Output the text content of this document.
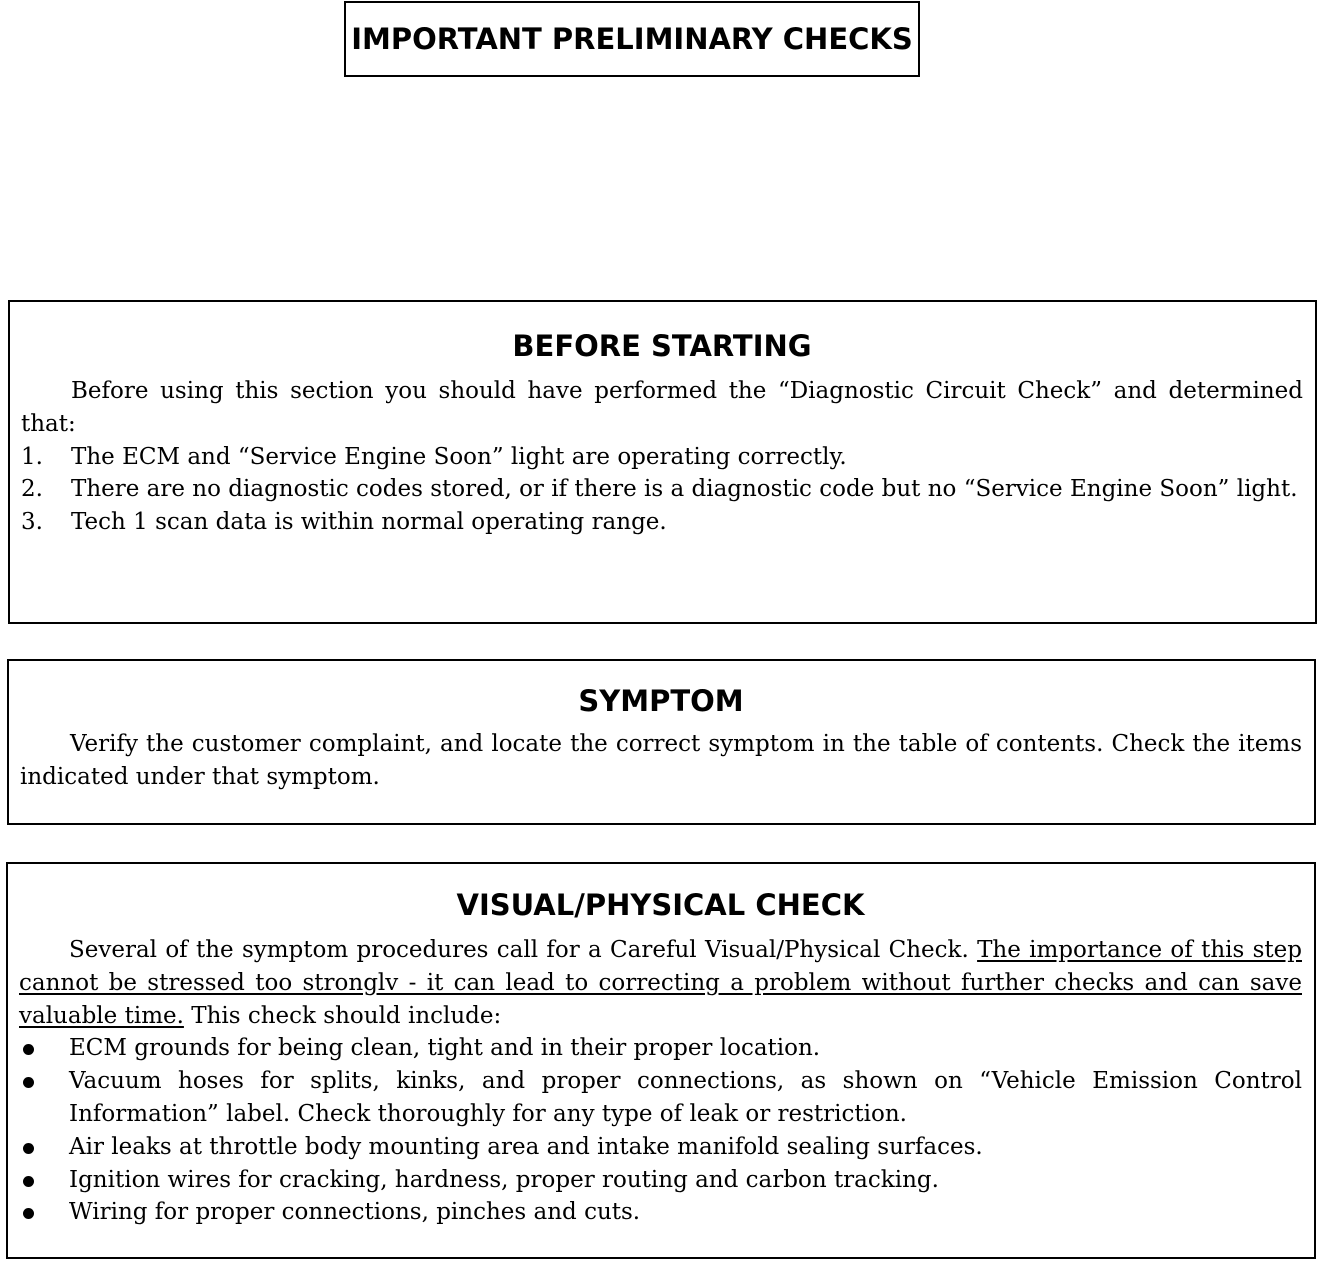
IMPORTANT PRELIMINARY CHECKS
BEFORE STARTING

Before using this section you should have performed the “Diagnostic Circuit Check” and determined that:

1.	The ECM and “Service Engine Soon” light are operating correctly.
2.	There are no diagnostic codes stored, or if there is a diagnostic code but no “Service Engine Soon” light.
3.	Tech 1 scan data is within normal operating range.
SYMPTOM

Verify the customer complaint, and locate the correct symptom in the table of contents. Check the items indicated under that symptom.

VISUAL/PHYSICAL CHECK

Several of the symptom procedures call for a Careful Visual/Physical Check. The importance of this step cannot be stressed too stronglv - it can lead to correcting a problem without further checks and can save valuable time. This check should include:

ECM grounds for being clean, tight and in their proper location.
Vacuum hoses for splits, kinks, and proper connections, as shown on “Vehicle Emission Control Information” label. Check thoroughly for any type of leak or restriction.
Air leaks at throttle body mounting area and intake manifold sealing surfaces.
Ignition wires for cracking, hardness, proper routing and carbon tracking.
Wiring for proper connections, pinches and cuts.
